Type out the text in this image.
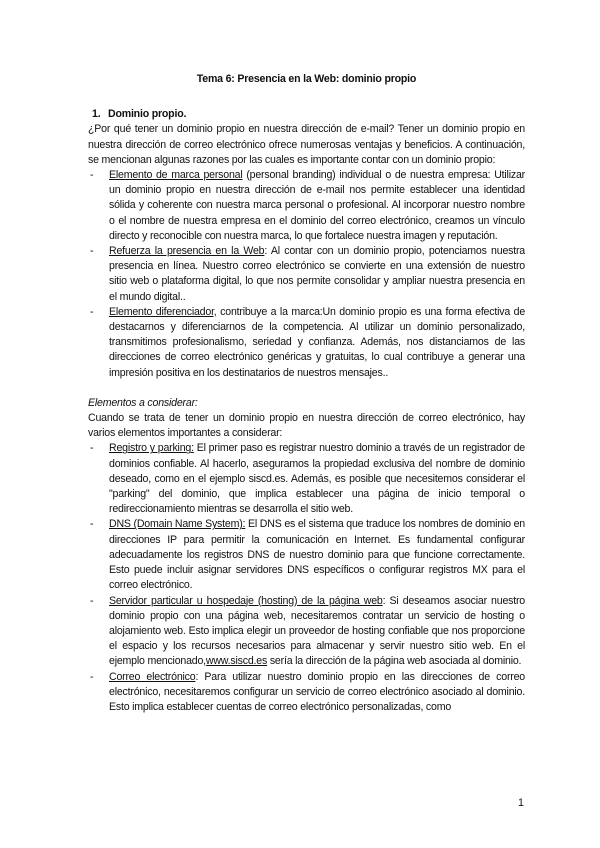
Tema 6: Presencia en la Web: dominio propio
1. Dominio propio.

¿Por qué tener un dominio propio en nuestra dirección de e-mail? Tener un dominio propio en nuestra dirección de correo electrónico ofrece numerosas ventajas y beneficios. A continuación, se mencionan algunas razones por las cuales es importante contar con un dominio propio:

- Elemento de marca personal (personal branding) individual o de nuestra empresa: Utilizar un dominio propio en nuestra dirección de e-mail nos permite establecer una identidad sólida y coherente con nuestra marca personal o profesional. Al incorporar nuestro nombre o el nombre de nuestra empresa en el dominio del correo electrónico, creamos un vínculo directo y reconocible con nuestra marca, lo que fortalece nuestra imagen y reputación.
- Refuerza la presencia en la Web: Al contar con un dominio propio, potenciamos nuestra presencia en línea. Nuestro correo electrónico se convierte en una extensión de nuestro sitio web o plataforma digital, lo que nos permite consolidar y ampliar nuestra presencia en el mundo digital..
- Elemento diferenciador, contribuye a la marca:Un dominio propio es una forma efectiva de destacarnos y diferenciarnos de la competencia. Al utilizar un dominio personalizado, transmitimos profesionalismo, seriedad y confianza. Además, nos distanciamos de las direcciones de correo electrónico genéricas y gratuitas, lo cual contribuye a generar una impresión positiva en los destinatarios de nuestros mensajes..

Elementos a considerar:

Cuando se trata de tener un dominio propio en nuestra dirección de correo electrónico, hay varios elementos importantes a considerar:

- Registro y parking: El primer paso es registrar nuestro dominio a través de un registrador de dominios confiable. Al hacerlo, aseguramos la propiedad exclusiva del nombre de dominio deseado, como en el ejemplo siscd.es. Además, es posible que necesitemos considerar el "parking" del dominio, que implica establecer una página de inicio temporal o redireccionamiento mientras se desarrolla el sitio web.
- DNS (Domain Name System): El DNS es el sistema que traduce los nombres de dominio en direcciones IP para permitir la comunicación en Internet. Es fundamental configurar adecuadamente los registros DNS de nuestro dominio para que funcione correctamente. Esto puede incluir asignar servidores DNS específicos o configurar registros MX para el correo electrónico.
- Servidor particular u hospedaje (hosting) de la página web: Si deseamos asociar nuestro dominio propio con una página web, necesitaremos contratar un servicio de hosting o alojamiento web. Esto implica elegir un proveedor de hosting confiable que nos proporcione el espacio y los recursos necesarios para almacenar y servir nuestro sitio web. En el ejemplo mencionado,www.siscd.es sería la dirección de la página web asociada al dominio.
- Correo electrónico: Para utilizar nuestro dominio propio en las direcciones de correo electrónico, necesitaremos configurar un servicio de correo electrónico asociado al dominio. Esto implica establecer cuentas de correo electrónico personalizadas, como
1
